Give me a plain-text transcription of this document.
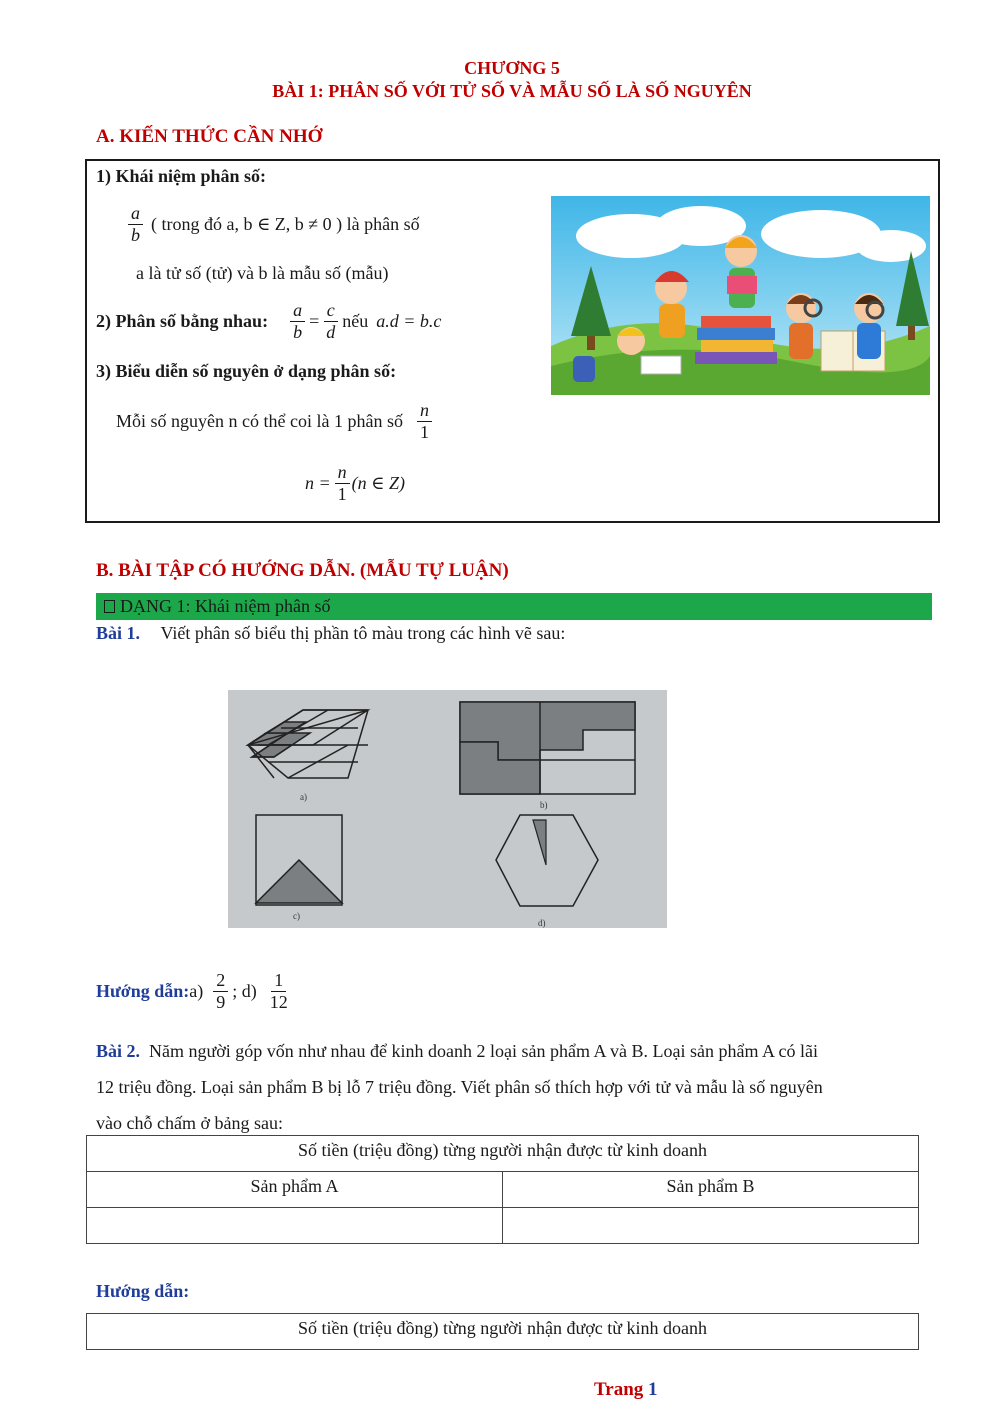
CHƯƠNG 5
BÀI 1: PHÂN SỐ VỚI TỬ SỐ VÀ MẪU SỐ LÀ SỐ NGUYÊN
A. KIẾN THỨC CẦN NHỚ
1) Khái niệm phân số:
$\frac{a}{b}$ ( trong đó a, b ∈ Z, b ≠ 0 ) là phân số
a là tử số (tử) và b là mẫu số (mẫu)
2) Phân số bằng nhau: $\frac{a}{b} = \frac{c}{d}$ nếu a.d = b.c
3) Biểu diễn số nguyên ở dạng phân số:
Mỗi số nguyên n có thể coi là 1 phân số $\frac{n}{1}$
$n = \frac{n}{1} (n$ ∈ Z)
B. BÀI TẬP CÓ HƯỚNG DẪN. (MẪU TỰ LUẬN)
DẠNG 1: Khái niệm phân số
Bài 1. Viết phân số biểu thị phần tô màu trong các hình vẽ sau:
a)
b)
c)
d)
Hướng dẫn: $a) \frac{2}{9}$ ; $d) \frac{1}{12}$
Bài 2. Năm người góp vốn như nhau để kinh doanh 2 loại sản phẩm A và B. Loại sản phẩm A có lãi
12 triệu đồng. Loại sản phẩm B bị lỗ 7 triệu đồng. Viết phân số thích hợp với tử và mẫu là số nguyên
vào chỗ chấm ở bảng sau:
Số tiền (triệu đồng) từng người nhận được từ kinh doanh	
Sản phẩm A	Sản phẩm B

Hướng dẫn:
Số tiền (triệu đồng) từng người nhận được từ kinh doanh
Trang 1
